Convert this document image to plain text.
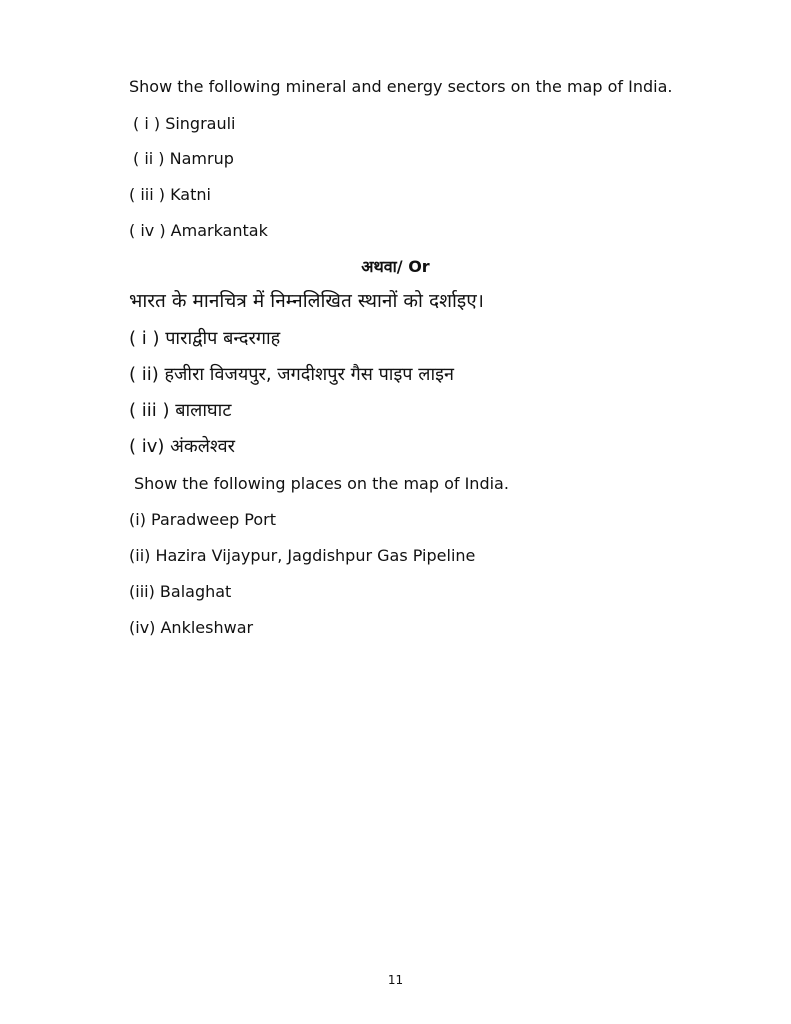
Show the following mineral and energy sectors on the map of India.
( i ) Singrauli
( ii ) Namrup
( iii ) Katni
( iv ) Amarkantak
अथवा/ Or
भारत के मानचित्र में निम्नलिखित स्थानों को दर्शाइए।
( i ) पाराद्वीप बन्दरगाह
( ii) हजीरा विजयपुर, जगदीशपुर गैस पाइप लाइन
( iii ) बालाघाट
( iv) अंकलेश्वर
Show the following places on the map of India.
(i) Paradweep Port
(ii) Hazira Vijaypur, Jagdishpur Gas Pipeline
(iii) Balaghat
(iv) Ankleshwar
11
